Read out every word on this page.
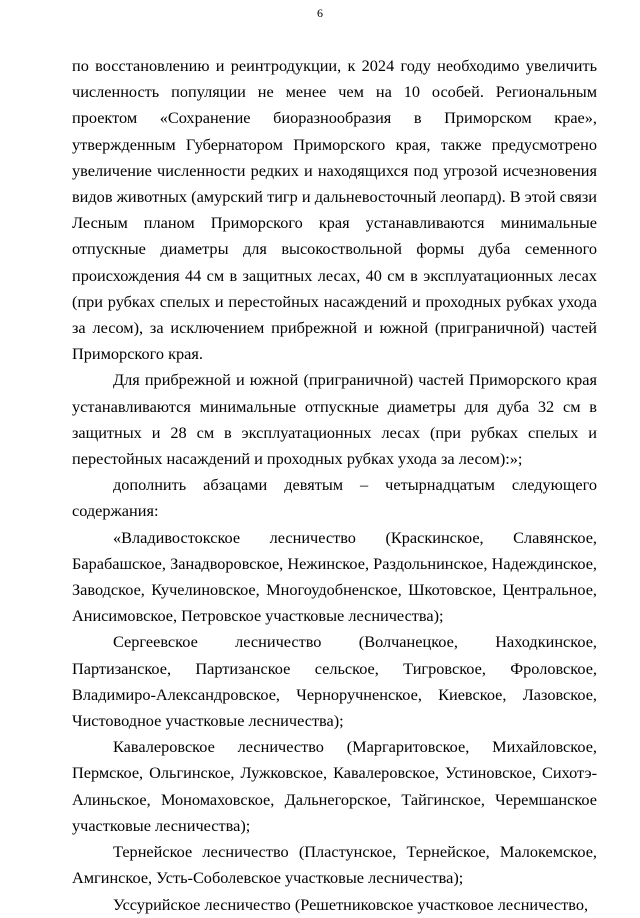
6

по восстановлению и реинтродукции, к 2024 году необходимо увеличить численность популяции не менее чем на 10 особей. Региональным проектом «Сохранение биоразнообразия в Приморском крае», утвержденным Губернатором Приморского края, также предусмотрено увеличение численности редких и находящихся под угрозой исчезновения видов животных (амурский тигр и дальневосточный леопард). В этой связи Лесным планом Приморского края устанавливаются минимальные отпускные диаметры для высокоствольной формы дуба семенного происхождения 44 см в защитных лесах, 40 см в эксплуатационных лесах (при рубках спелых и перестойных насаждений и проходных рубках ухода за лесом), за исключением прибрежной и южной (приграничной) частей Приморского края.

Для прибрежной и южной (приграничной) частей Приморского края устанавливаются минимальные отпускные диаметры для дуба 32 см в защитных и 28 см в эксплуатационных лесах (при рубках спелых и перестойных насаждений и проходных рубках ухода за лесом):»;

дополнить абзацами девятым – четырнадцатым следующего содержания:

«Владивостокское лесничество (Краскинское, Славянское, Барабашское, Занадворовское, Нежинское, Раздольнинское, Надеждинское, Заводское, Кучелиновское, Многоудобненское, Шкотовское, Центральное, Анисимовское, Петровское участковые лесничества);

Сергеевское лесничество (Волчанецкое, Находкинское, Партизанское, Партизанское сельское, Тигровское, Фроловское, Владимиро-Александровское, Черноручненское, Киевское, Лазовское, Чистоводное участковые лесничества);

Кавалеровское лесничество (Маргаритовское, Михайловское, Пермское, Ольгинское, Лужковское, Кавалеровское, Устиновское, Сихотэ-Алиньское, Мономаховское, Дальнегорское, Тайгинское, Черемшанское участковые лесничества);

Тернейское лесничество (Пластунское, Тернейское, Малокемское, Амгинское, Усть-Соболевское участковые лесничества);

Уссурийское лесничество (Решетниковское участковое лесничество,
